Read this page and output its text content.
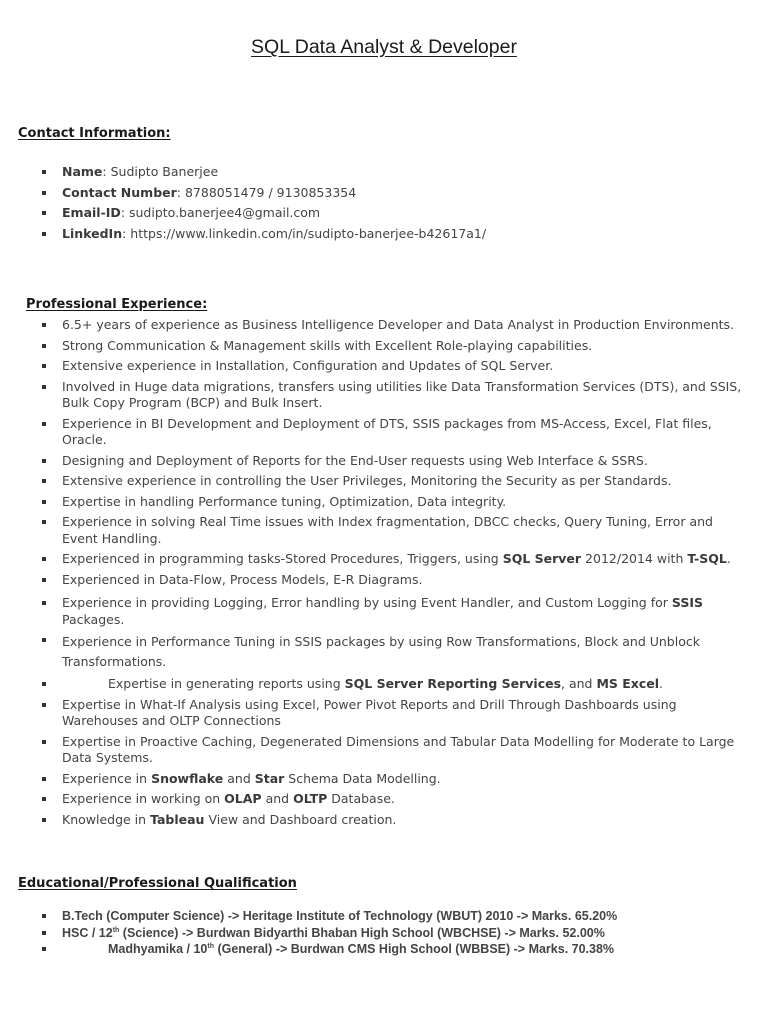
SQL Data Analyst & Developer
Contact Information:
Name: Sudipto Banerjee
Contact Number: 8788051479 / 9130853354
Email-ID: sudipto.banerjee4@gmail.com
LinkedIn: https://www.linkedin.com/in/sudipto-banerjee-b42617a1/
Professional Experience:
6.5+ years of experience as Business Intelligence Developer and Data Analyst in Production Environments.
Strong Communication & Management skills with Excellent Role-playing capabilities.
Extensive experience in Installation, Configuration and Updates of SQL Server.
Involved in Huge data migrations, transfers using utilities like Data Transformation Services (DTS), and SSIS, Bulk Copy Program (BCP) and Bulk Insert.
Experience in BI Development and Deployment of DTS, SSIS packages from MS-Access, Excel, Flat files, Oracle.
Designing and Deployment of Reports for the End-User requests using Web Interface & SSRS.
Extensive experience in controlling the User Privileges, Monitoring the Security as per Standards.
Expertise in handling Performance tuning, Optimization, Data integrity.
Experience in solving Real Time issues with Index fragmentation, DBCC checks, Query Tuning, Error and Event Handling.
Experienced in programming tasks-Stored Procedures, Triggers, using SQL Server 2012/2014 with T-SQL.
Experienced in Data-Flow, Process Models, E-R Diagrams.
Experience in providing Logging, Error handling by using Event Handler, and Custom Logging for SSIS Packages.
Experience in Performance Tuning in SSIS packages by using Row Transformations, Block and Unblock Transformations.
Expertise in generating reports using SQL Server Reporting Services, and MS Excel.
Expertise in What-If Analysis using Excel, Power Pivot Reports and Drill Through Dashboards using Warehouses and OLTP Connections
Expertise in Proactive Caching, Degenerated Dimensions and Tabular Data Modelling for Moderate to Large Data Systems.
Experience in Snowflake and Star Schema Data Modelling.
Experience in working on OLAP and OLTP Database.
Knowledge in Tableau View and Dashboard creation.
Educational/Professional Qualification
B.Tech (Computer Science) -> Heritage Institute of Technology (WBUT) 2010 -> Marks. 65.20%
HSC / 12th (Science) -> Burdwan Bidyarthi Bhaban High School (WBCHSE) -> Marks. 52.00%
Madhyamika / 10th (General) -> Burdwan CMS High School (WBBSE) -> Marks. 70.38%
